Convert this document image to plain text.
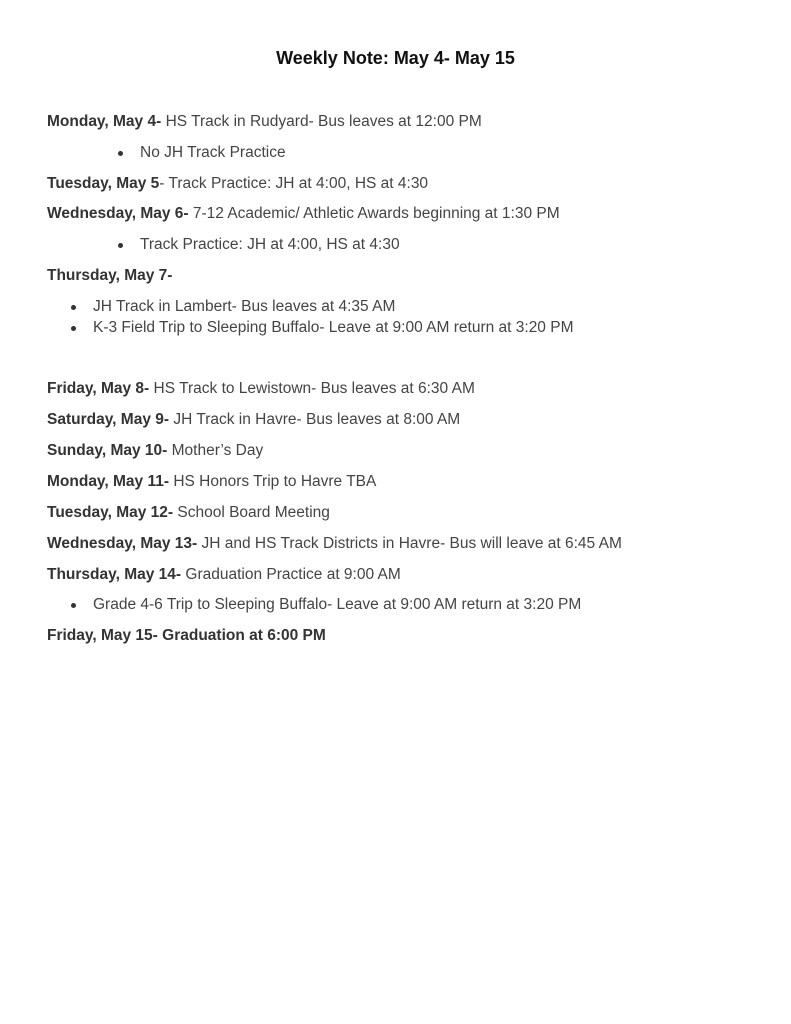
Weekly Note: May 4- May 15
Monday, May 4- HS Track in Rudyard- Bus leaves at 12:00 PM
No JH Track Practice
Tuesday, May 5- Track Practice: JH at 4:00, HS at 4:30
Wednesday, May 6- 7-12 Academic/ Athletic Awards beginning at 1:30 PM
Track Practice: JH at 4:00, HS at 4:30
Thursday, May 7-
JH Track in Lambert- Bus leaves at 4:35 AM
K-3 Field Trip to Sleeping Buffalo- Leave at 9:00 AM return at 3:20 PM
Friday, May 8- HS Track to Lewistown- Bus leaves at 6:30 AM
Saturday, May 9- JH Track in Havre- Bus leaves at 8:00 AM
Sunday, May 10- Mother’s Day
Monday, May 11- HS Honors Trip to Havre TBA
Tuesday, May 12- School Board Meeting
Wednesday, May 13- JH and HS Track Districts in Havre- Bus will leave at 6:45 AM
Thursday, May 14- Graduation Practice at 9:00 AM
Grade 4-6 Trip to Sleeping Buffalo- Leave at 9:00 AM return at 3:20 PM
Friday, May 15- Graduation at 6:00 PM
